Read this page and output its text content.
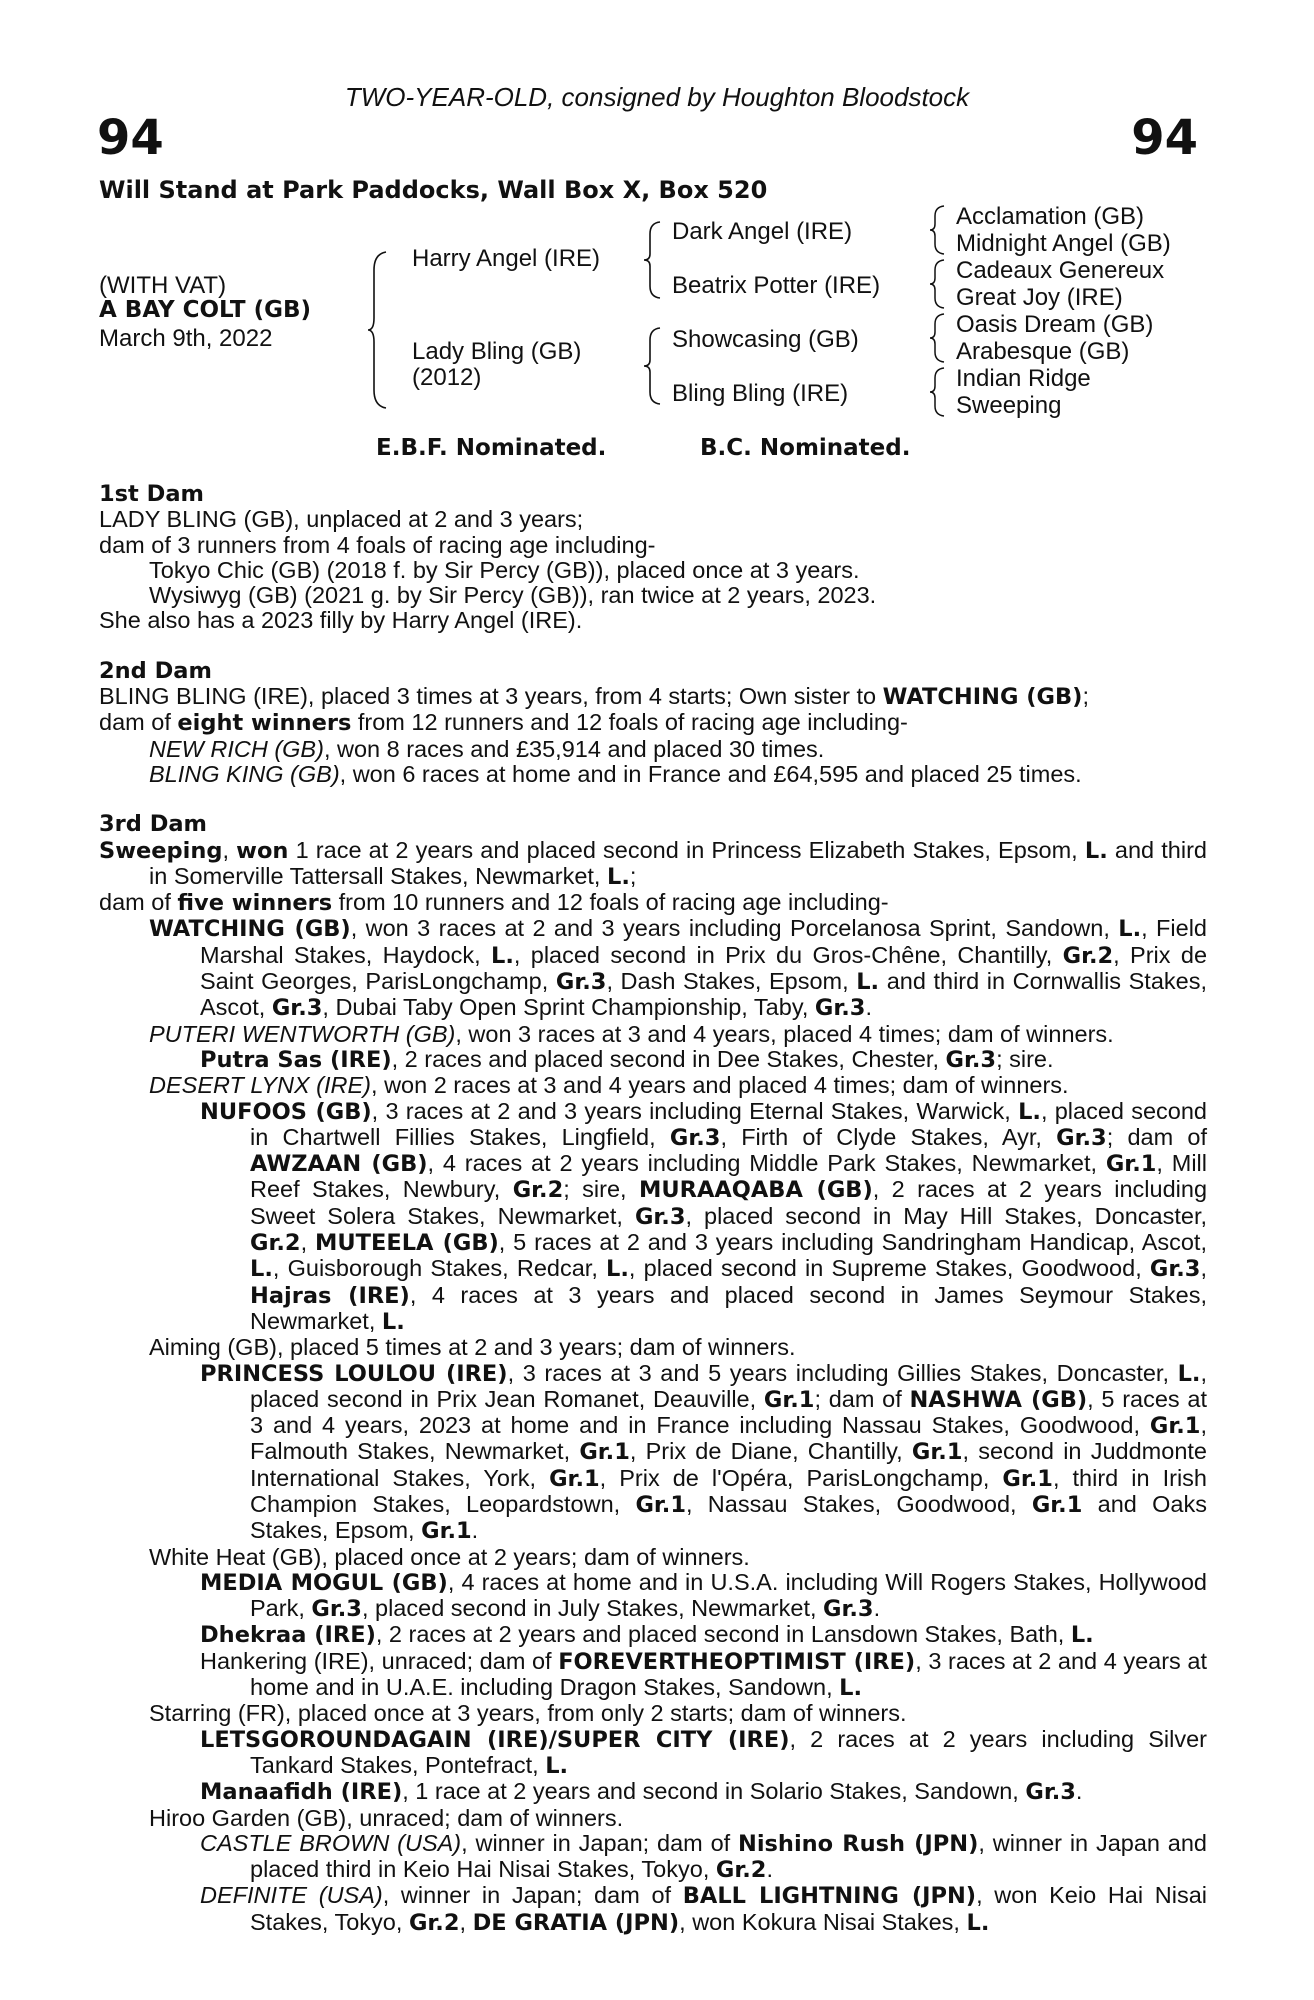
TWO-YEAR-OLD, consigned by Houghton Bloodstock
94	94
Will Stand at Park Paddocks, Wall Box X, Box 520
(WITH VAT)
A BAY COLT (GB)
March 9th, 2022
Harry Angel (IRE)
Lady Bling (GB)
(2012)
Dark Angel (IRE)
Beatrix Potter (IRE)
Showcasing (GB)
Bling Bling (IRE)
Acclamation (GB)
Midnight Angel (GB)
Cadeaux Genereux
Great Joy (IRE)
Oasis Dream (GB)
Arabesque (GB)
Indian Ridge
Sweeping
E.B.F. Nominated.	B.C. Nominated.
1st Dam

LADY BLING (GB), unplaced at 2 and 3 years;

dam of 3 runners from 4 foals of racing age including-

Tokyo Chic (GB) (2018 f. by Sir Percy (GB)), placed once at 3 years.

Wysiwyg (GB) (2021 g. by Sir Percy (GB)), ran twice at 2 years, 2023.

She also has a 2023 filly by Harry Angel (IRE).

2nd Dam

BLING BLING (IRE), placed 3 times at 3 years, from 4 starts; Own sister to WATCHING (GB);

dam of eight winners from 12 runners and 12 foals of racing age including-

NEW RICH (GB), won 8 races and £35,914 and placed 30 times.

BLING KING (GB), won 6 races at home and in France and £64,595 and placed 25 times.

3rd Dam

Sweeping, won 1 race at 2 years and placed second in Princess Elizabeth Stakes, Epsom, L. and third in Somerville Tattersall Stakes, Newmarket, L.;

dam of five winners from 10 runners and 12 foals of racing age including-

WATCHING (GB), won 3 races at 2 and 3 years including Porcelanosa Sprint, Sandown, L., Field Marshal Stakes, Haydock, L., placed second in Prix du Gros-Chêne, Chantilly, Gr.2, Prix de Saint Georges, ParisLongchamp, Gr.3, Dash Stakes, Epsom, L. and third in Cornwallis Stakes, Ascot, Gr.3, Dubai Taby Open Sprint Championship, Taby, Gr.3.

PUTERI WENTWORTH (GB), won 3 races at 3 and 4 years, placed 4 times; dam of winners.

Putra Sas (IRE), 2 races and placed second in Dee Stakes, Chester, Gr.3; sire.

DESERT LYNX (IRE), won 2 races at 3 and 4 years and placed 4 times; dam of winners.

NUFOOS (GB), 3 races at 2 and 3 years including Eternal Stakes, Warwick, L., placed second in Chartwell Fillies Stakes, Lingfield, Gr.3, Firth of Clyde Stakes, Ayr, Gr.3; dam of AWZAAN (GB), 4 races at 2 years including Middle Park Stakes, Newmarket, Gr.1, Mill Reef Stakes, Newbury, Gr.2; sire, MURAAQABA (GB), 2 races at 2 years including Sweet Solera Stakes, Newmarket, Gr.3, placed second in May Hill Stakes, Doncaster, Gr.2, MUTEELA (GB), 5 races at 2 and 3 years including Sandringham Handicap, Ascot, L., Guisborough Stakes, Redcar, L., placed second in Supreme Stakes, Goodwood, Gr.3, Hajras (IRE), 4 races at 3 years and placed second in James Seymour Stakes, Newmarket, L.

Aiming (GB), placed 5 times at 2 and 3 years; dam of winners.

PRINCESS LOULOU (IRE), 3 races at 3 and 5 years including Gillies Stakes, Doncaster, L., placed second in Prix Jean Romanet, Deauville, Gr.1; dam of NASHWA (GB), 5 races at 3 and 4 years, 2023 at home and in France including Nassau Stakes, Goodwood, Gr.1, Falmouth Stakes, Newmarket, Gr.1, Prix de Diane, Chantilly, Gr.1, second in Juddmonte International Stakes, York, Gr.1, Prix de l'Opéra, ParisLongchamp, Gr.1, third in Irish Champion Stakes, Leopardstown, Gr.1, Nassau Stakes, Goodwood, Gr.1 and Oaks Stakes, Epsom, Gr.1.

White Heat (GB), placed once at 2 years; dam of winners.

MEDIA MOGUL (GB), 4 races at home and in U.S.A. including Will Rogers Stakes, Hollywood Park, Gr.3, placed second in July Stakes, Newmarket, Gr.3.

Dhekraa (IRE), 2 races at 2 years and placed second in Lansdown Stakes, Bath, L.

Hankering (IRE), unraced; dam of FOREVERTHEOPTIMIST (IRE), 3 races at 2 and 4 years at home and in U.A.E. including Dragon Stakes, Sandown, L.

Starring (FR), placed once at 3 years, from only 2 starts; dam of winners.

LETSGOROUNDAGAIN (IRE)/SUPER CITY (IRE), 2 races at 2 years including Silver Tankard Stakes, Pontefract, L.

Manaafidh (IRE), 1 race at 2 years and second in Solario Stakes, Sandown, Gr.3.

Hiroo Garden (GB), unraced; dam of winners.

CASTLE BROWN (USA), winner in Japan; dam of Nishino Rush (JPN), winner in Japan and placed third in Keio Hai Nisai Stakes, Tokyo, Gr.2.

DEFINITE (USA), winner in Japan; dam of BALL LIGHTNING (JPN), won Keio Hai Nisai Stakes, Tokyo, Gr.2, DE GRATIA (JPN), won Kokura Nisai Stakes, L.
